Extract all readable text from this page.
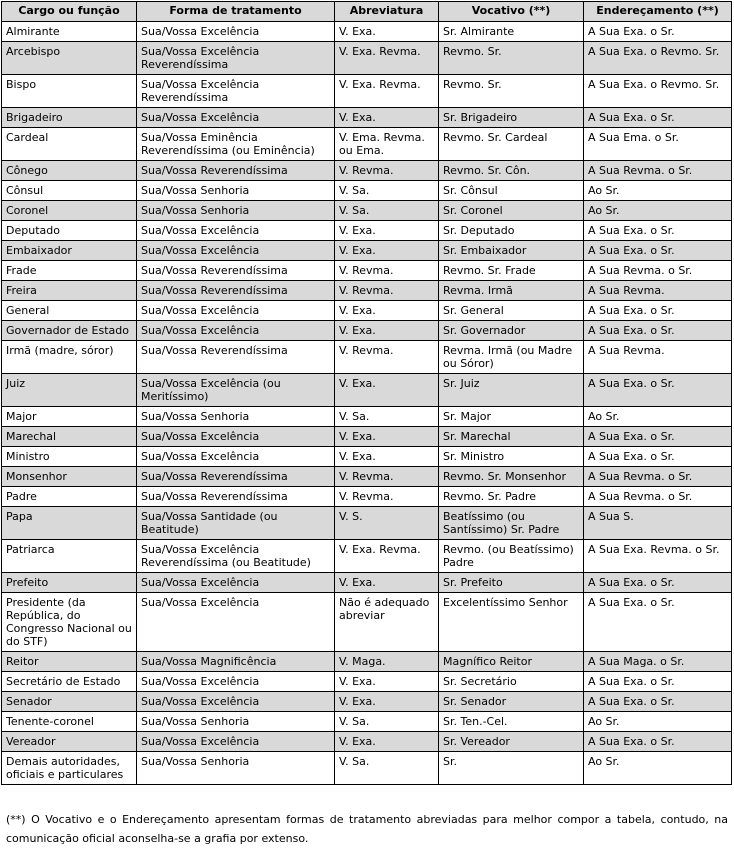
Cargo ou função	Forma de tratamento	Abreviatura	Vocativo (**)	Endereçamento (**)
Almirante	Sua/Vossa Excelência	V. Exa.	Sr. Almirante	A Sua Exa. o Sr.
Arcebispo	Sua/Vossa Excelência Reverendíssima	V. Exa. Revma.	Revmo. Sr.	A Sua Exa. o Revmo. Sr.
Bispo	Sua/Vossa Excelência Reverendíssima	V. Exa. Revma.	Revmo. Sr.	A Sua Exa. o Revmo. Sr.
Brigadeiro	Sua/Vossa Excelência	V. Exa.	Sr. Brigadeiro	A Sua Exa. o Sr.
Cardeal	Sua/Vossa Eminência Reverendíssima (ou Eminência)	V. Ema. Revma. ou Ema.	Revmo. Sr. Cardeal	A Sua Ema. o Sr.
Cônego	Sua/Vossa Reverendíssima	V. Revma.	Revmo. Sr. Côn.	A Sua Revma. o Sr.
Cônsul	Sua/Vossa Senhoria	V. Sa.	Sr. Cônsul	Ao Sr.
Coronel	Sua/Vossa Senhoria	V. Sa.	Sr. Coronel	Ao Sr.
Deputado	Sua/Vossa Excelência	V. Exa.	Sr. Deputado	A Sua Exa. o Sr.
Embaixador	Sua/Vossa Excelência	V. Exa.	Sr. Embaixador	A Sua Exa. o Sr.
Frade	Sua/Vossa Reverendíssima	V. Revma.	Revmo. Sr. Frade	A Sua Revma. o Sr.
Freira	Sua/Vossa Reverendíssima	V. Revma.	Revma. Irmã	A Sua Revma.
General	Sua/Vossa Excelência	V. Exa.	Sr. General	A Sua Exa. o Sr.
Governador de Estado	Sua/Vossa Excelência	V. Exa.	Sr. Governador	A Sua Exa. o Sr.
Irmã (madre, sóror)	Sua/Vossa Reverendíssima	V. Revma.	Revma. Irmã (ou Madre ou Sóror)	A Sua Revma.
Juiz	Sua/Vossa Excelência (ou Meritíssimo)	V. Exa.	Sr. Juiz	A Sua Exa. o Sr.
Major	Sua/Vossa Senhoria	V. Sa.	Sr. Major	Ao Sr.
Marechal	Sua/Vossa Excelência	V. Exa.	Sr. Marechal	A Sua Exa. o Sr.
Ministro	Sua/Vossa Excelência	V. Exa.	Sr. Ministro	A Sua Exa. o Sr.
Monsenhor	Sua/Vossa Reverendíssima	V. Revma.	Revmo. Sr. Monsenhor	A Sua Revma. o Sr.
Padre	Sua/Vossa Reverendíssima	V. Revma.	Revmo. Sr. Padre	A Sua Revma. o Sr.
Papa	Sua/Vossa Santidade (ou Beatitude)	V. S.	Beatíssimo (ou Santíssimo) Sr. Padre	A Sua S.
Patriarca	Sua/Vossa Excelência Reverendíssima (ou Beatitude)	V. Exa. Revma.	Revmo. (ou Beatíssimo) Padre	A Sua Exa. Revma. o Sr.
Prefeito	Sua/Vossa Excelência	V. Exa.	Sr. Prefeito	A Sua Exa. o Sr.
Presidente (da República, do Congresso Nacional ou do STF)	Sua/Vossa Excelência	Não é adequado abreviar	Excelentíssimo Senhor	A Sua Exa. o Sr.
Reitor	Sua/Vossa Magnificência	V. Maga.	Magnífico Reitor	A Sua Maga. o Sr.
Secretário de Estado	Sua/Vossa Excelência	V. Exa.	Sr. Secretário	A Sua Exa. o Sr.
Senador	Sua/Vossa Excelência	V. Exa.	Sr. Senador	A Sua Exa. o Sr.
Tenente-coronel	Sua/Vossa Senhoria	V. Sa.	Sr. Ten.-Cel.	Ao Sr.
Vereador	Sua/Vossa Excelência	V. Exa.	Sr. Vereador	A Sua Exa. o Sr.
Demais autoridades, oficiais e particulares	Sua/Vossa Senhoria	V. Sa.	Sr.	Ao Sr.
(**) O Vocativo e o Endereçamento apresentam formas de tratamento abreviadas para melhor compor a tabela, contudo, na comunicação oficial aconselha-se a grafia por extenso.
